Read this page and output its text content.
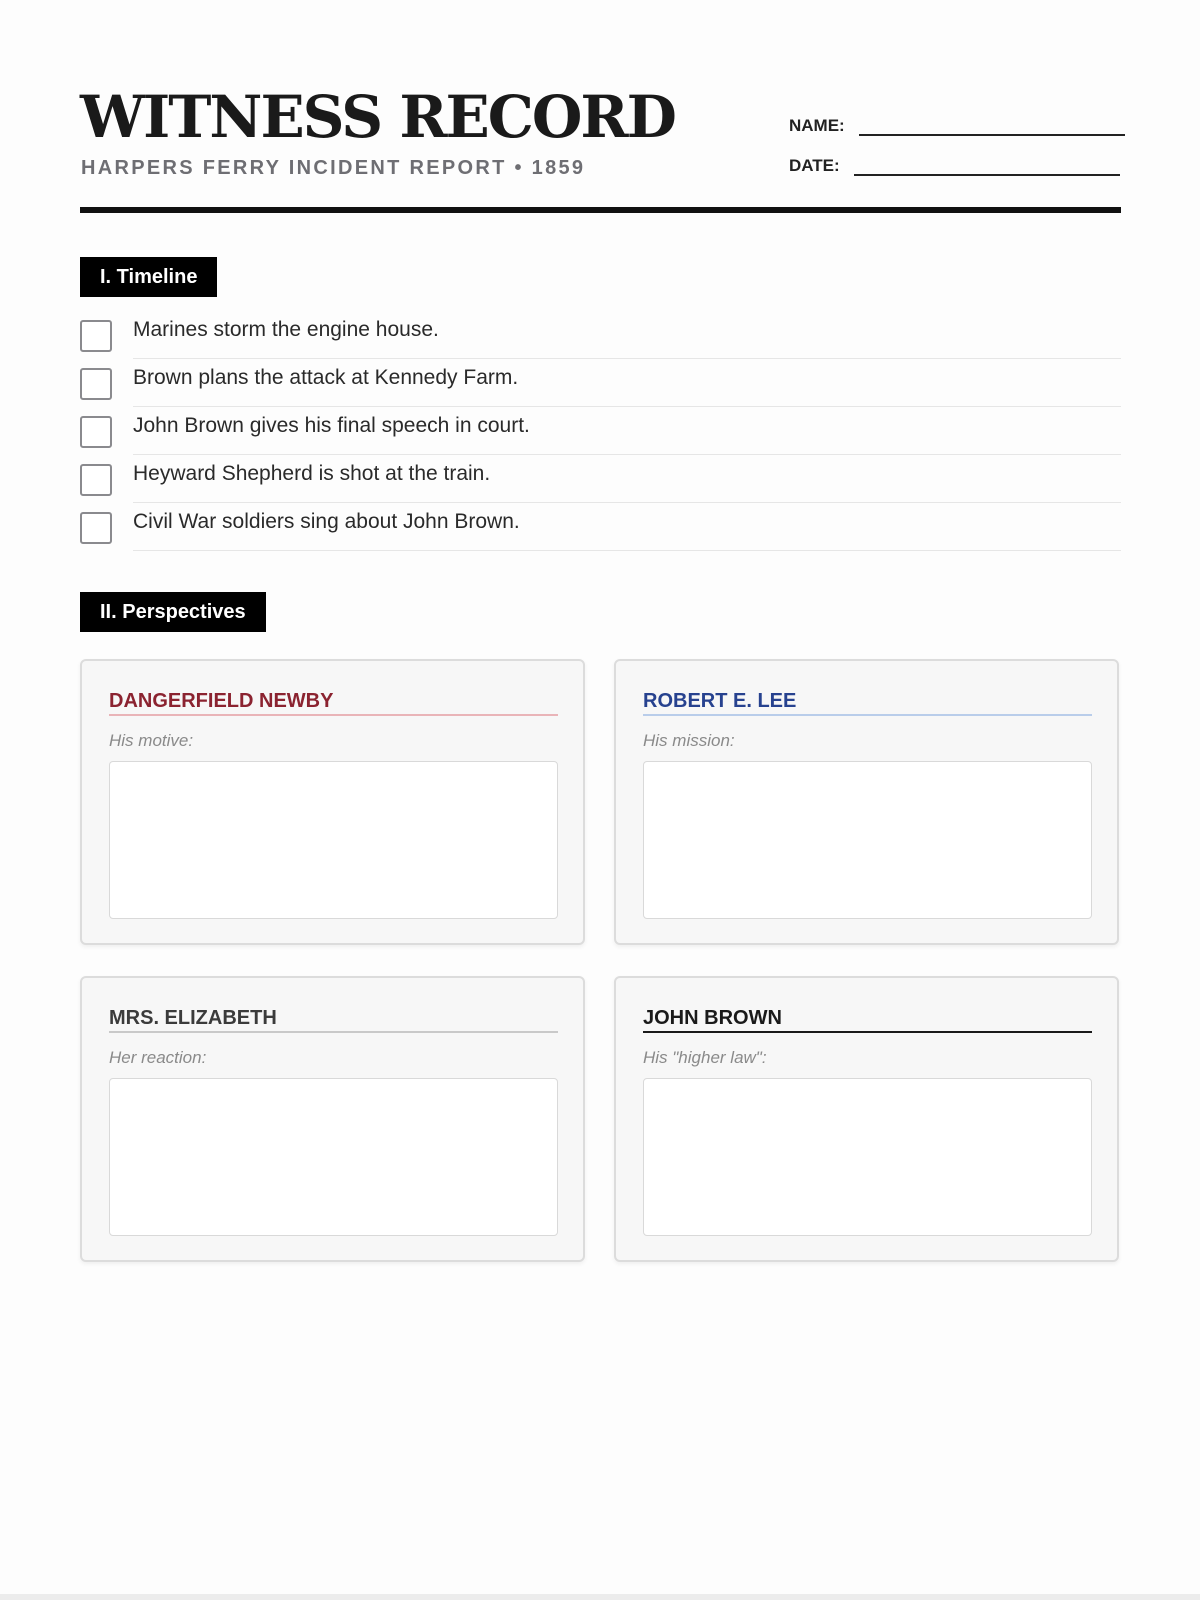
WITNESS RECORD
HARPERS FERRY INCIDENT REPORT • 1859
NAME:
DATE:
I. Timeline
Marines storm the engine house.
Brown plans the attack at Kennedy Farm.
John Brown gives his final speech in court.
Heyward Shepherd is shot at the train.
Civil War soldiers sing about John Brown.
II. Perspectives
DANGERFIELD NEWBY
His motive:
ROBERT E. LEE
His mission:
MRS. ELIZABETH
Her reaction:
JOHN BROWN
His "higher law":
